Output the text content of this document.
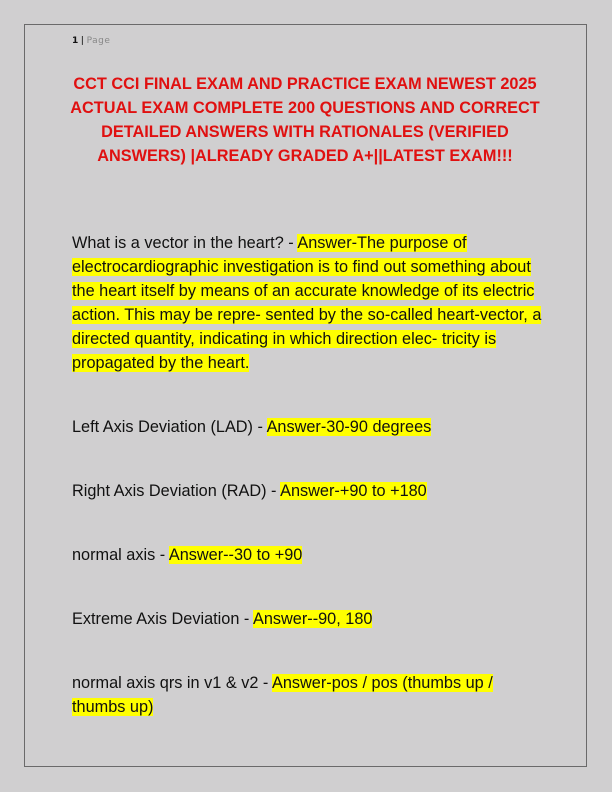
1 | Page
CCT CCI FINAL EXAM AND PRACTICE EXAM NEWEST 2025 ACTUAL EXAM COMPLETE 200 QUESTIONS AND CORRECT DETAILED ANSWERS WITH RATIONALES (VERIFIED ANSWERS) |ALREADY GRADED A+||LATEST EXAM!!!
What is a vector in the heart? - Answer-The purpose of electrocardiographic investigation is to find out something about the heart itself by means of an accurate knowledge of its electric action. This may be repre- sented by the so-called heart-vector, a directed quantity, indicating in which direction elec- tricity is propagated by the heart.
Left Axis Deviation (LAD) - Answer-30-90 degrees
Right Axis Deviation (RAD) - Answer-+90 to +180
normal axis - Answer--30 to +90
Extreme Axis Deviation - Answer--90, 180
normal axis qrs in v1 & v2 - Answer-pos / pos (thumbs up / thumbs up)
